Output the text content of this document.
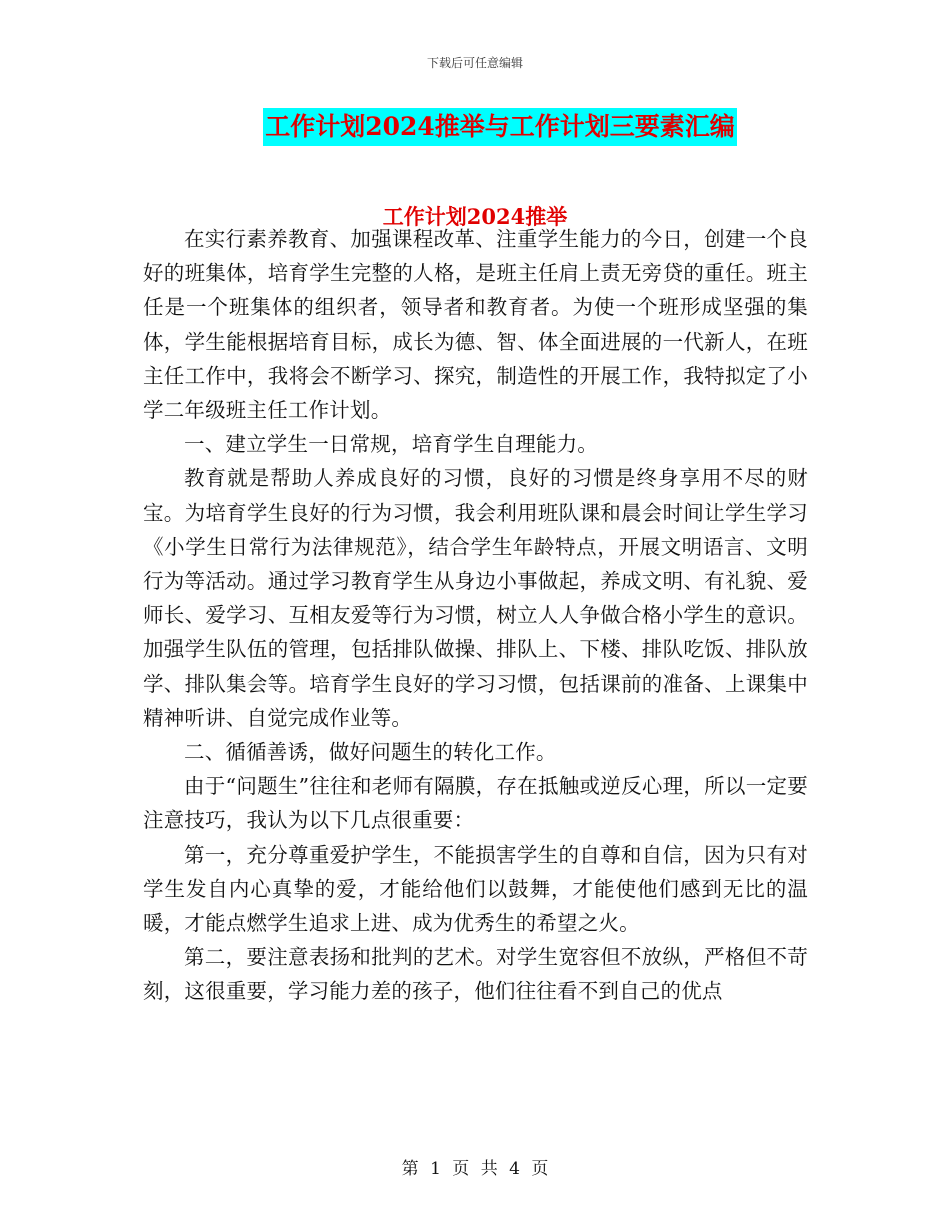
下载后可任意编辑
工作计划2024推举与工作计划三要素汇编
工作计划2024推举

在实行素养教育、加强课程改革、注重学生能力的今日，创建一个良好的班集体，培育学生完整的人格，是班主任肩上责无旁贷的重任。班主任是一个班集体的组织者，领导者和教育者。为使一个班形成坚强的集体，学生能根据培育目标，成长为德、智、体全面进展的一代新人，在班主任工作中，我将会不断学习、探究，制造性的开展工作，我特拟定了小学二年级班主任工作计划。

一、建立学生一日常规，培育学生自理能力。

教育就是帮助人养成良好的习惯，良好的习惯是终身享用不尽的财宝。为培育学生良好的行为习惯，我会利用班队课和晨会时间让学生学习《小学生日常行为法律规范》，结合学生年龄特点，开展文明语言、文明行为等活动。通过学习教育学生从身边小事做起，养成文明、有礼貌、爱师长、爱学习、互相友爱等行为习惯，树立人人争做合格小学生的意识。加强学生队伍的管理，包括排队做操、排队上、下楼、排队吃饭、排队放学、排队集会等。培育学生良好的学习习惯，包括课前的准备、上课集中精神听讲、自觉完成作业等。

二、循循善诱，做好问题生的转化工作。

由于“问题生”往往和老师有隔膜，存在抵触或逆反心理，所以一定要注意技巧，我认为以下几点很重要：

第一，充分尊重爱护学生，不能损害学生的自尊和自信，因为只有对学生发自内心真挚的爱，才能给他们以鼓舞，才能使他们感到无比的温暖，才能点燃学生追求上进、成为优秀生的希望之火。

第二，要注意表扬和批判的艺术。对学生宽容但不放纵，严格但不苛刻，这很重要，学习能力差的孩子，他们往往看不到自己的优点

第 1 页 共 4 页
